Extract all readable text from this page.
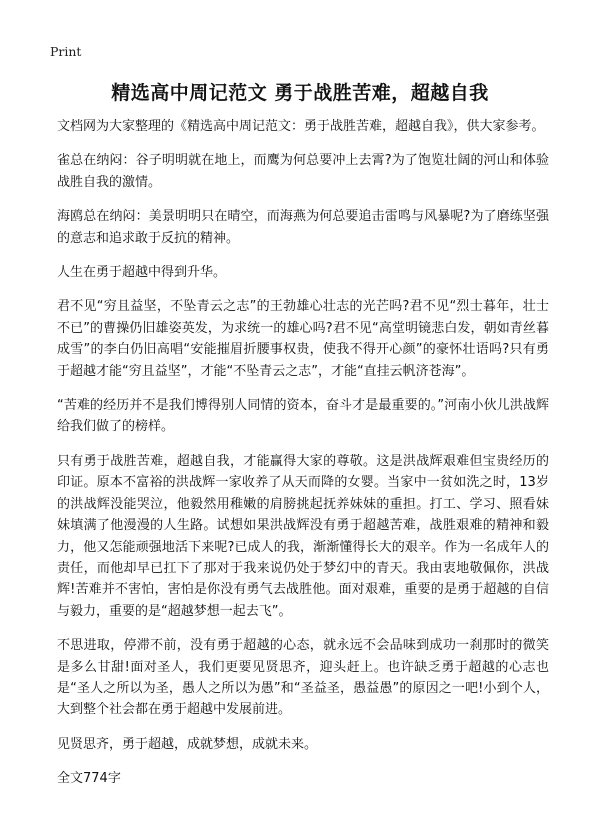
Print
精选高中周记范文 勇于战胜苦难，超越自我

文档网为大家整理的《精选高中周记范文：勇于战胜苦难，超越自我》，供大家参考。

雀总在纳闷：谷子明明就在地上，而鹰为何总要冲上去霄?为了饱览壮阔的河山和体验战胜自我的激情。

海鸥总在纳闷：美景明明只在晴空，而海燕为何总要追击雷鸣与风暴呢?为了磨练坚强的意志和追求敢于反抗的精神。

人生在勇于超越中得到升华。

君不见“穷且益坚，不坠青云之志”的王勃雄心壮志的光芒吗?君不见“烈士暮年，壮士不已”的曹操仍旧雄姿英发，为求统一的雄心吗?君不见“高堂明镜悲白发，朝如青丝暮成雪”的李白仍旧高唱“安能摧眉折腰事权贵，使我不得开心颜”的豪怀壮语吗?只有勇于超越才能“穷且益坚”，才能“不坠青云之志”，才能“直挂云帆济苍海”。

“苦难的经历并不是我们博得别人同情的资本，奋斗才是最重要的。”河南小伙儿洪战辉给我们做了的榜样。

只有勇于战胜苦难，超越自我，才能赢得大家的尊敬。这是洪战辉艰难但宝贵经历的印证。原本不富裕的洪战辉一家收养了从天而降的女婴。当家中一贫如洗之时，13岁的洪战辉没能哭泣，他毅然用稚嫩的肩膀挑起抚养妹妹的重担。打工、学习、照看妹妹填满了他漫漫的人生路。试想如果洪战辉没有勇于超越苦难，战胜艰难的精神和毅力，他又怎能顽强地活下来呢?已成人的我，渐渐懂得长大的艰辛。作为一名成年人的责任，而他却早已扛下了那对于我来说仍处于梦幻中的青天。我由衷地敬佩你，洪战辉!苦难并不害怕，害怕是你没有勇气去战胜他。面对艰难，重要的是勇于超越的自信与毅力，重要的是“超越梦想一起去飞”。

不思进取，停滞不前，没有勇于超越的心态，就永远不会品味到成功一刹那时的微笑是多么甘甜!面对圣人，我们更要见贤思齐，迎头赶上。也许缺乏勇于超越的心志也是“圣人之所以为圣，愚人之所以为愚”和“圣益圣，愚益愚”的原因之一吧!小到个人，大到整个社会都在勇于超越中发展前进。

见贤思齐，勇于超越，成就梦想，成就未来。

全文774字
